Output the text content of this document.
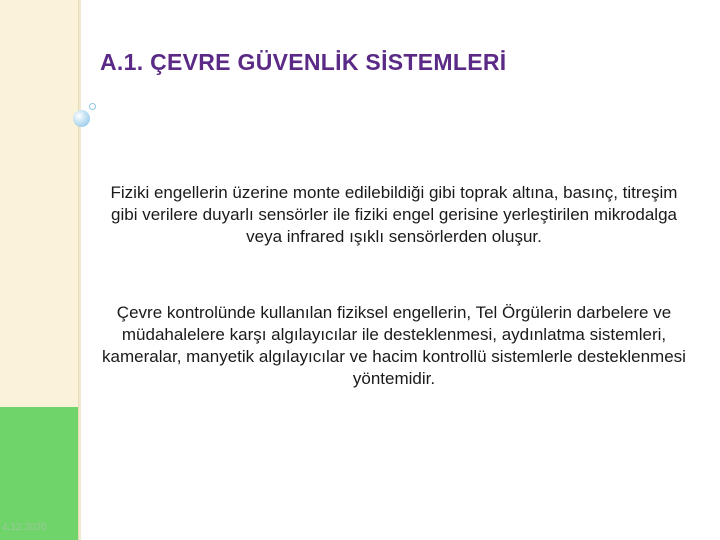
4.12.2020
A.1. ÇEVRE GÜVENLİK SİSTEMLERİ
Fiziki engellerin üzerine monte edilebildiği gibi toprak altına, basınç, titreşim gibi verilere duyarlı sensörler ile fiziki engel gerisine yerleştirilen mikrodalga veya infrared ışıklı sensörlerden oluşur.
Çevre kontrolünde kullanılan fiziksel engellerin, Tel Örgülerin darbelere ve müdahalelere karşı algılayıcılar ile desteklenmesi, aydınlatma sistemleri, kameralar, manyetik algılayıcılar ve hacim kontrollü sistemlerle desteklenmesi yöntemidir.
